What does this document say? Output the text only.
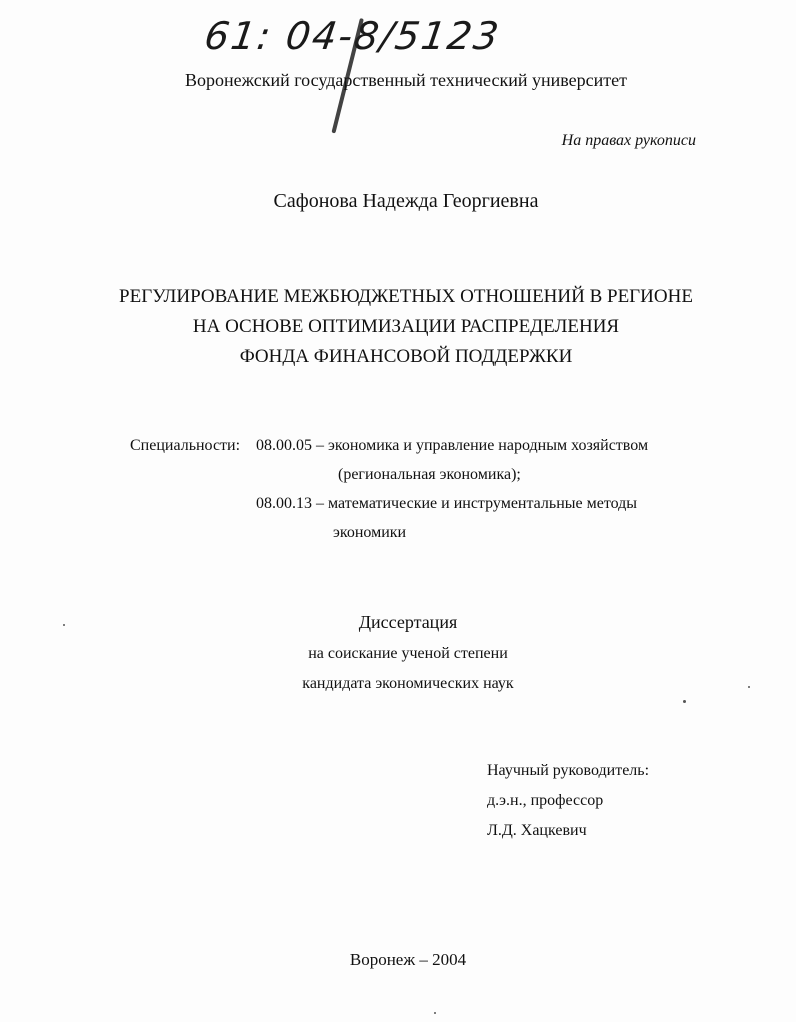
61: 04-8/5123
Воронежский государственный технический университет
На правах рукописи
Сафонова Надежда Георгиевна
РЕГУЛИРОВАНИЕ МЕЖБЮДЖЕТНЫХ ОТНОШЕНИЙ В РЕГИОНЕ
НА ОСНОВЕ ОПТИМИЗАЦИИ РАСПРЕДЕЛЕНИЯ
ФОНДА ФИНАНСОВОЙ ПОДДЕРЖКИ
Специальности: 08.00.05 – экономика и управление народным хозяйством
(региональная экономика);
08.00.13 – математические и инструментальные методы
экономики
Диссертация
на соискание ученой степени
кандидата экономических наук
Научный руководитель:
д.э.н., профессор
Л.Д. Хацкевич
Воронеж – 2004
